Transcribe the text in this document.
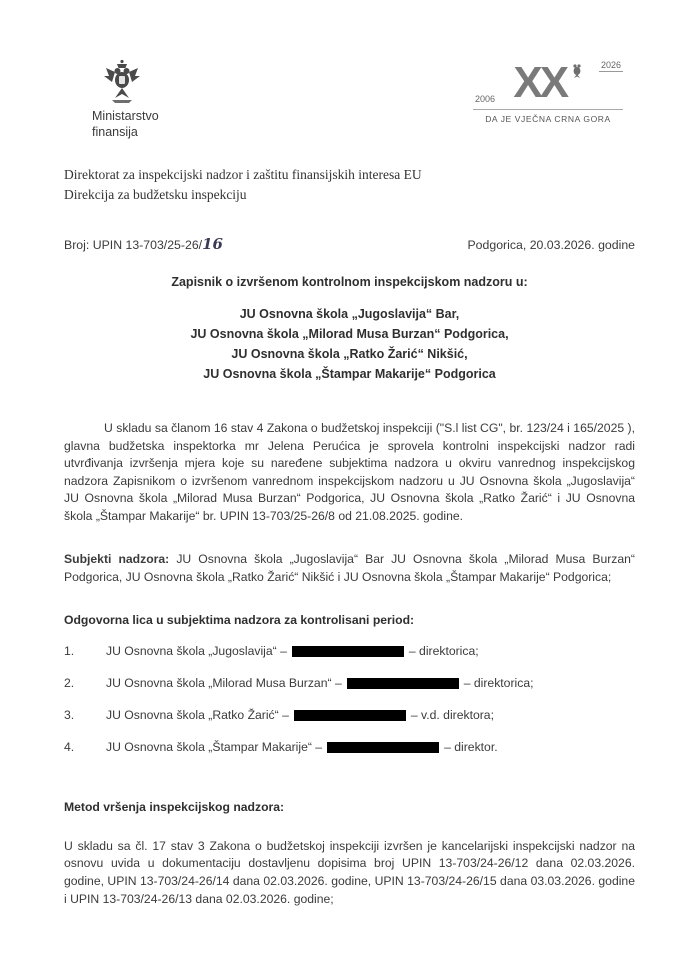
Ministarstvo
finansija
2006 XX	2026
DA JE VJEČNA CRNA GORA
Direktorat za inspekcijski nadzor i zaštitu finansijskih interesa EU
Direkcija za budžetsku inspekciju
Broj: UPIN 13-703/25-26/16	Podgorica, 20.03.2026. godine
Zapisnik o izvršenom kontrolnom inspekcijskom nadzoru u:
JU Osnovna škola „Jugoslavija“ Bar,
JU Osnovna škola „Milorad Musa Burzan“ Podgorica,
JU Osnovna škola „Ratko Žarić“ Nikšić,
JU Osnovna škola „Štampar Makarije“ Podgorica

U skladu sa članom 16 stav 4 Zakona o budžetskoj inspekciji ("S.l list CG", br. 123/24 i 165/2025 ), glavna budžetska inspektorka mr Jelena Perućica je sprovela kontrolni inspekcijski nadzor radi utvrđivanja izvršenja mjera koje su naređene subjektima nadzora u okviru vanrednog inspekcijskog nadzora Zapisnikom o izvršenom vanrednom inspekcijskom nadzoru u JU Osnovna škola „Jugoslavija“ JU Osnovna škola „Milorad Musa Burzan“ Podgorica, JU Osnovna škola „Ratko Žarić“ i JU Osnovna škola „Štampar Makarije“ br. UPIN 13-703/25-26/8 od 21.08.2025. godine.

Subjekti nadzora: JU Osnovna škola „Jugoslavija“ Bar JU Osnovna škola „Milorad Musa Burzan“ Podgorica, JU Osnovna škola „Ratko Žarić“ Nikšić i JU Osnovna škola „Štampar Makarije“ Podgorica;

Odgovorna lica u subjektima nadzora za kontrolisani period:
1.	JU Osnovna škola „Jugoslavija“ –	– direktorica;
2.	JU Osnovna škola „Milorad Musa Burzan“ –	– direktorica;
3.	JU Osnovna škola „Ratko Žarić“ –	– v.d. direktora;
4.	JU Osnovna škola „Štampar Makarije“ –	– direktor.
Metod vršenja inspekcijskog nadzora:

U skladu sa čl. 17 stav 3 Zakona o budžetskoj inspekciji izvršen je kancelarijski inspekcijski nadzor na osnovu uvida u dokumentaciju dostavljenu dopisima broj UPIN 13-703/24-26/12 dana 02.03.2026. godine, UPIN 13-703/24-26/14 dana 02.03.2026. godine, UPIN 13-703/24-26/15 dana 03.03.2026. godine i UPIN 13-703/24-26/13 dana 02.03.2026. godine;
